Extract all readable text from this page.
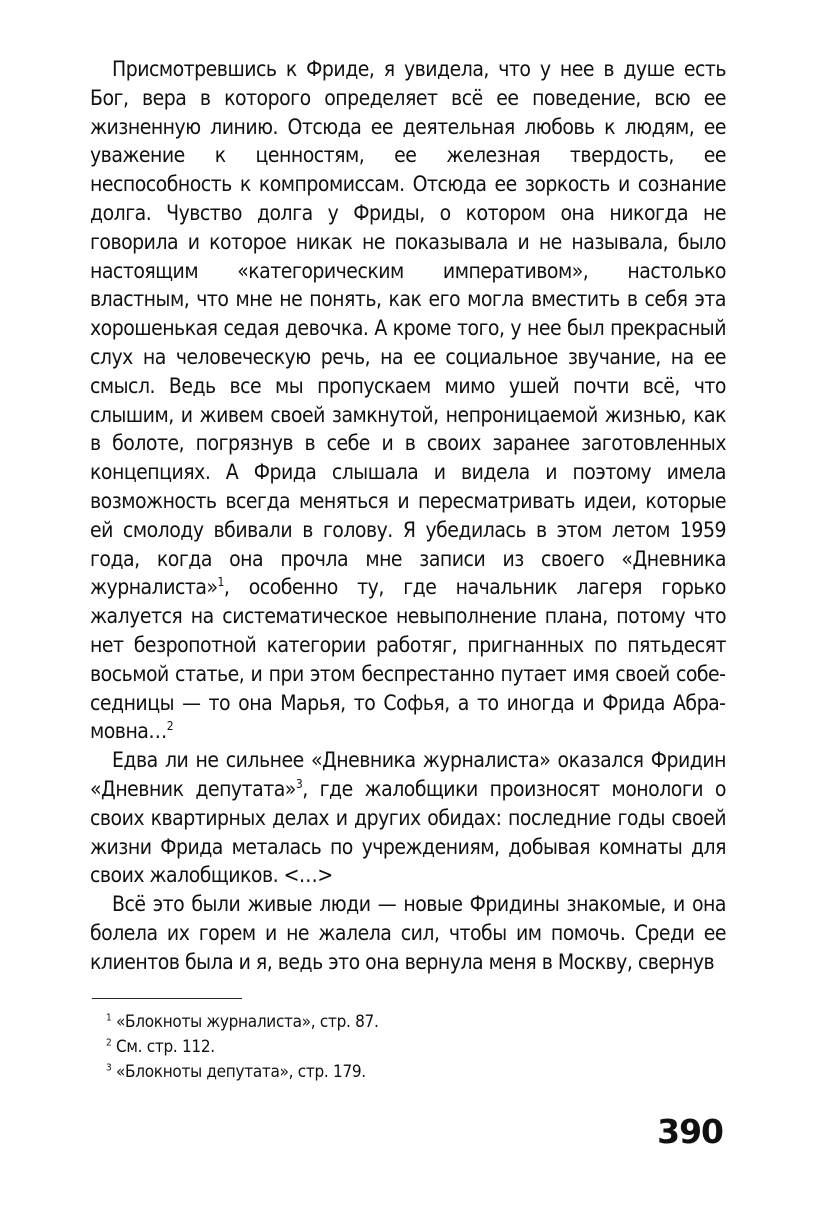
Присмотревшись к Фриде, я увидела, что у нее в душе есть Бог, вера в которого определяет всё ее поведение, всю ее жизненную линию. Отсюда ее деятельная любовь к людям, ее уважение к ценностям, ее железная твердость, ее неспособность к компромиссам. Отсюда ее зоркость и сознание долга. Чувство долга у Фриды, о котором она никогда не говорила и которое никак не показывала и не называла, было настоящим «категорическим императивом», настолько властным, что мне не понять, как его могла вместить в себя эта хорошенькая седая девочка. А кроме того, у нее был прекрасный слух на человеческую речь, на ее социальное звучание, на ее смысл. Ведь все мы пропускаем мимо ушей почти всё, что слышим, и живем своей замкнутой, непроницаемой жизнью, как в болоте, погрязнув в себе и в своих заранее заготовленных концепциях. А Фрида слышала и видела и поэтому имела возможность всегда меняться и пересматривать идеи, которые ей смолоду вбивали в голову. Я убедилась в этом летом 1959 года, когда она прочла мне записи из своего «Дневника журналиста»$^1$, особенно ту, где начальник лагеря горько жалуется на систематическое невыполнение плана, потому что нет безропотной категории работяг, пригнанных по пятьдесят восьмой статье, и при этом беспрестанно путает имя своей собеседницы — то она Марья, то Софья, а то иногда и Фрида Абрамовна…$^2$

Едва ли не сильнее «Дневника журналиста» оказался Фридин «Дневник депутата»$^3$, где жалобщики произносят монологи о своих квартирных делах и других обидах: последние годы своей жизни Фрида металась по учреждениям, добывая комнаты для своих жалобщиков. <…>

Всё это были живые люди — новые Фридины знакомые, и она болела их горем и не жалела сил, чтобы им помочь. Среди ее клиентов была и я, ведь это она вернула меня в Москву, свернув

$^1$ «Блокноты журналиста», стр. 87.
$^2$ См. стр. 112.
$^3$ «Блокноты депутата», стр. 179.
390
